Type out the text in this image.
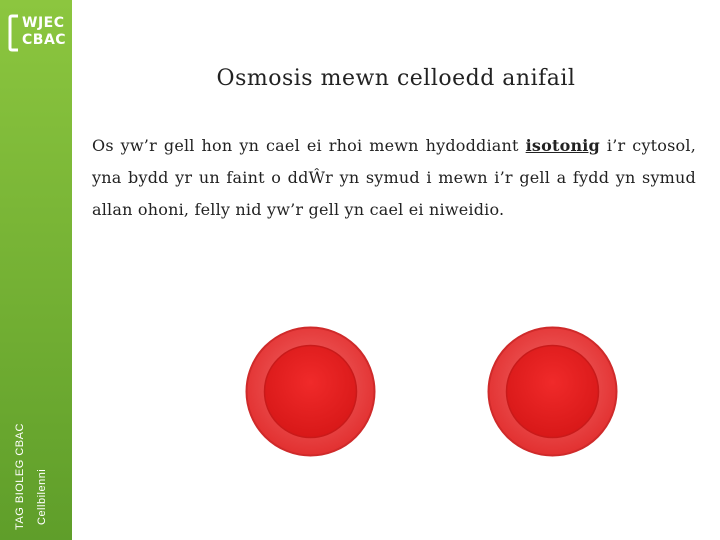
WJEC
CBAC
TAG BIOLEG CBAC Cellbilenni
Osmosis mewn celloedd anifail
Os yw’r gell hon yn cael ei rhoi mewn hydoddiant isotonig i’r cytosol, yna bydd yr un faint o ddŴr yn symud i mewn i’r gell a fydd yn symud allan ohoni, felly nid yw’r gell yn cael ei niweidio.
